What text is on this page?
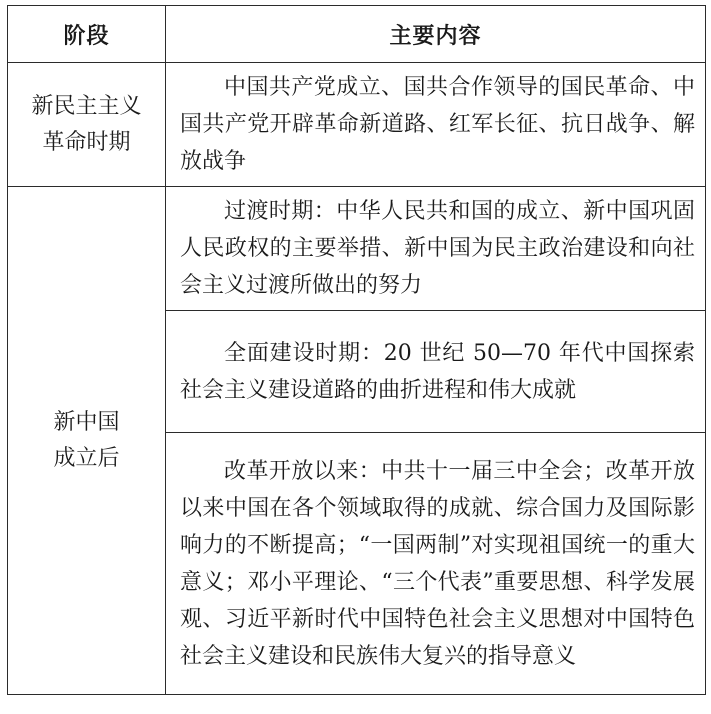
阶段	主要内容
新民主主义
革命时期	中国共产党成立、国共合作领导的国民革命、中国共产党开辟革命新道路、红军长征、抗日战争、解放战争
新中国
成立后	过渡时期：中华人民共和国的成立、新中国巩固人民政权的主要举措、新中国为民主政治建设和向社会主义过渡所做出的努力
	全面建设时期：20 世纪 50—70 年代中国探索社会主义建设道路的曲折进程和伟大成就
	改革开放以来：中共十一届三中全会；改革开放以来中国在各个领域取得的成就、综合国力及国际影响力的不断提高；“一国两制”对实现祖国统一的重大意义；邓小平理论、“三个代表”重要思想、科学发展观、习近平新时代中国特色社会主义思想对中国特色社会主义建设和民族伟大复兴的指导意义
